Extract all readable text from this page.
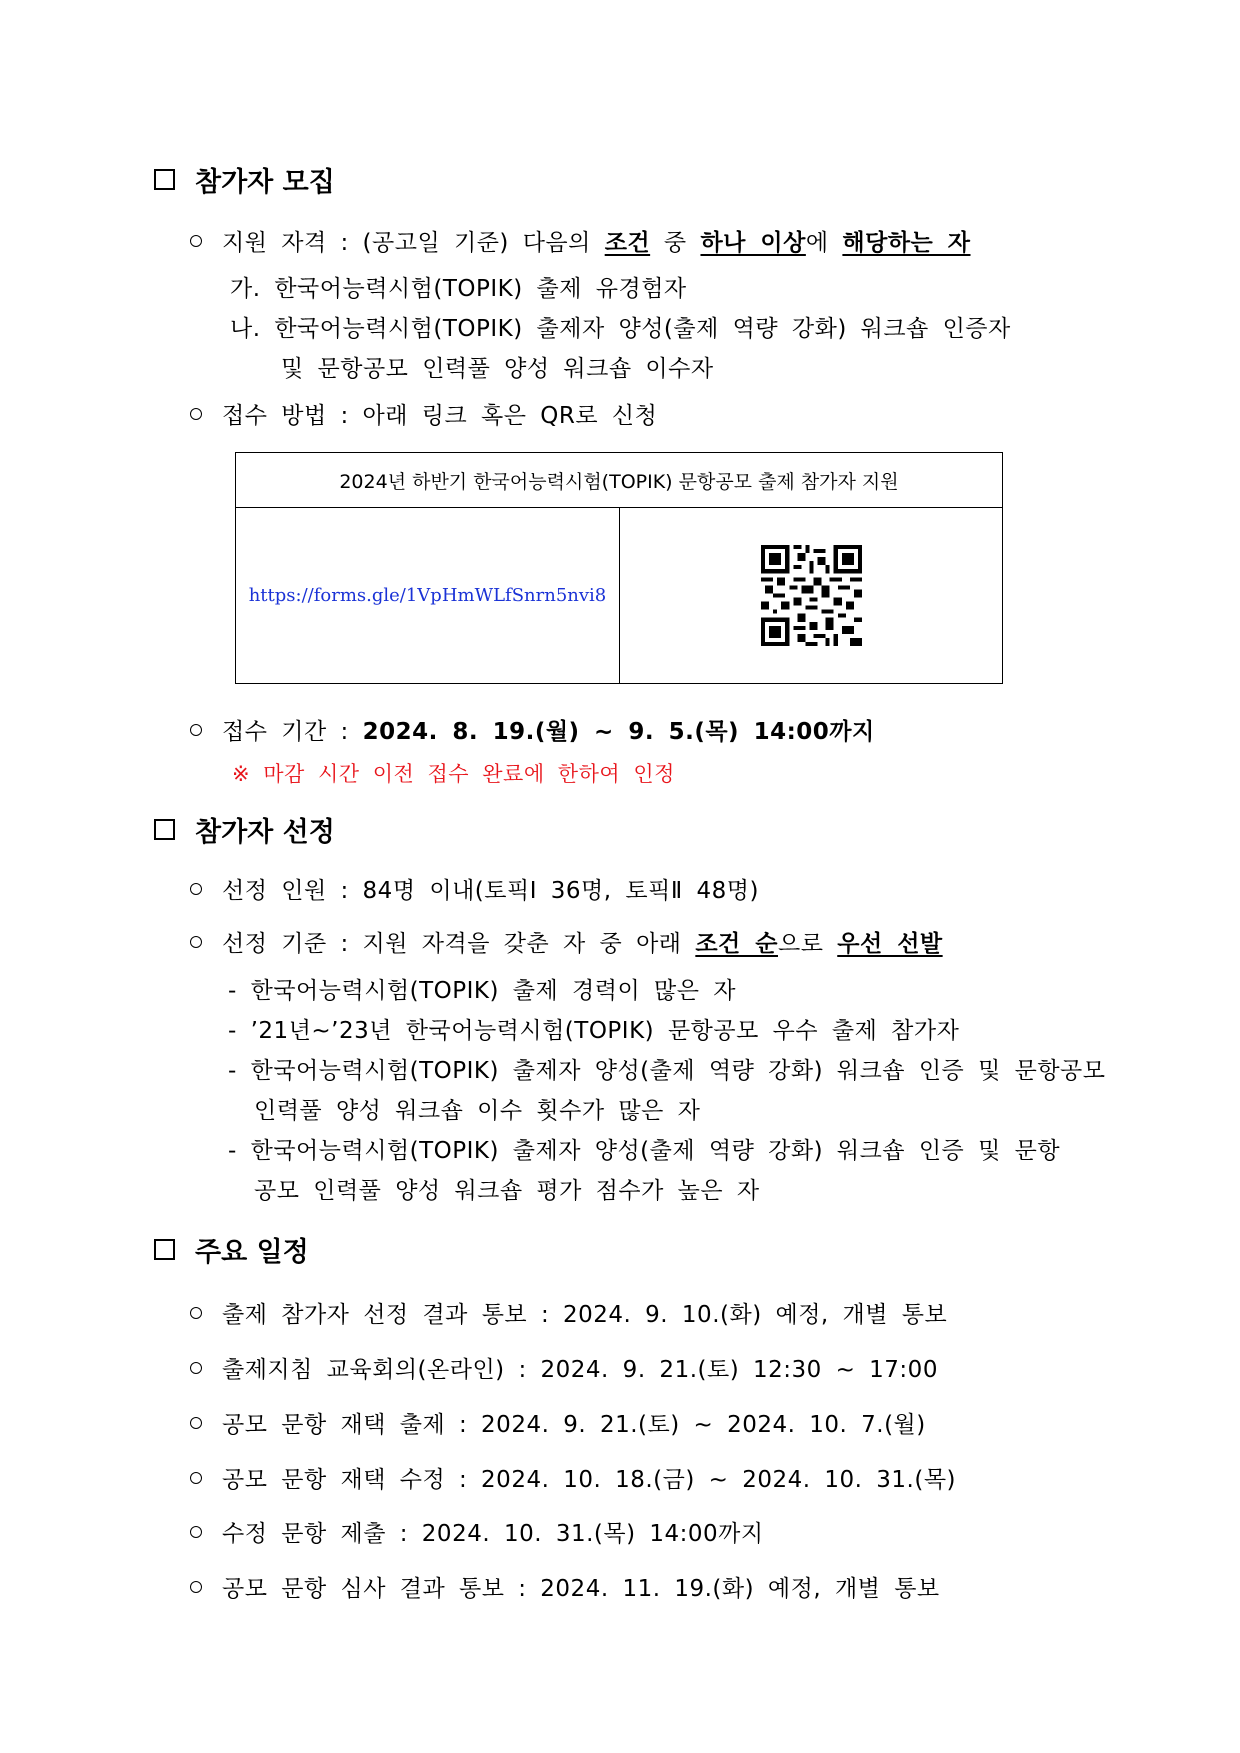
참가자 모집
지원 자격 : (공고일 기준) 다음의 조건 중 하나 이상에 해당하는 자
가. 한국어능력시험(TOPIK) 출제 유경험자
나. 한국어능력시험(TOPIK) 출제자 양성(출제 역량 강화) 워크숍 인증자
및 문항공모 인력풀 양성 워크숍 이수자
접수 방법 : 아래 링크 혹은 QR로 신청
2024년 하반기 한국어능력시험(TOPIK) 문항공모 출제 참가자 지원
https://forms.gle/1VpHmWLfSnrn5nvi8
접수 기간 : 2024. 8. 19.(월) ~ 9. 5.(목) 14:00까지
※ 마감 시간 이전 접수 완료에 한하여 인정
참가자 선정
선정 인원 : 84명 이내(토픽Ⅰ 36명, 토픽Ⅱ 48명)
선정 기준 : 지원 자격을 갖춘 자 중 아래 조건 순으로 우선 선발
- 한국어능력시험(TOPIK) 출제 경력이 많은 자
- ’21년~’23년 한국어능력시험(TOPIK) 문항공모 우수 출제 참가자
- 한국어능력시험(TOPIK) 출제자 양성(출제 역량 강화) 워크숍 인증 및 문항공모
인력풀 양성 워크숍 이수 횟수가 많은 자
- 한국어능력시험(TOPIK) 출제자 양성(출제 역량 강화) 워크숍 인증 및 문항
공모 인력풀 양성 워크숍 평가 점수가 높은 자
주요 일정
출제 참가자 선정 결과 통보 : 2024. 9. 10.(화) 예정, 개별 통보
출제지침 교육회의(온라인) : 2024. 9. 21.(토) 12:30 ~ 17:00
공모 문항 재택 출제 : 2024. 9. 21.(토) ~ 2024. 10. 7.(월)
공모 문항 재택 수정 : 2024. 10. 18.(금) ~ 2024. 10. 31.(목)
수정 문항 제출 : 2024. 10. 31.(목) 14:00까지
공모 문항 심사 결과 통보 : 2024. 11. 19.(화) 예정, 개별 통보
